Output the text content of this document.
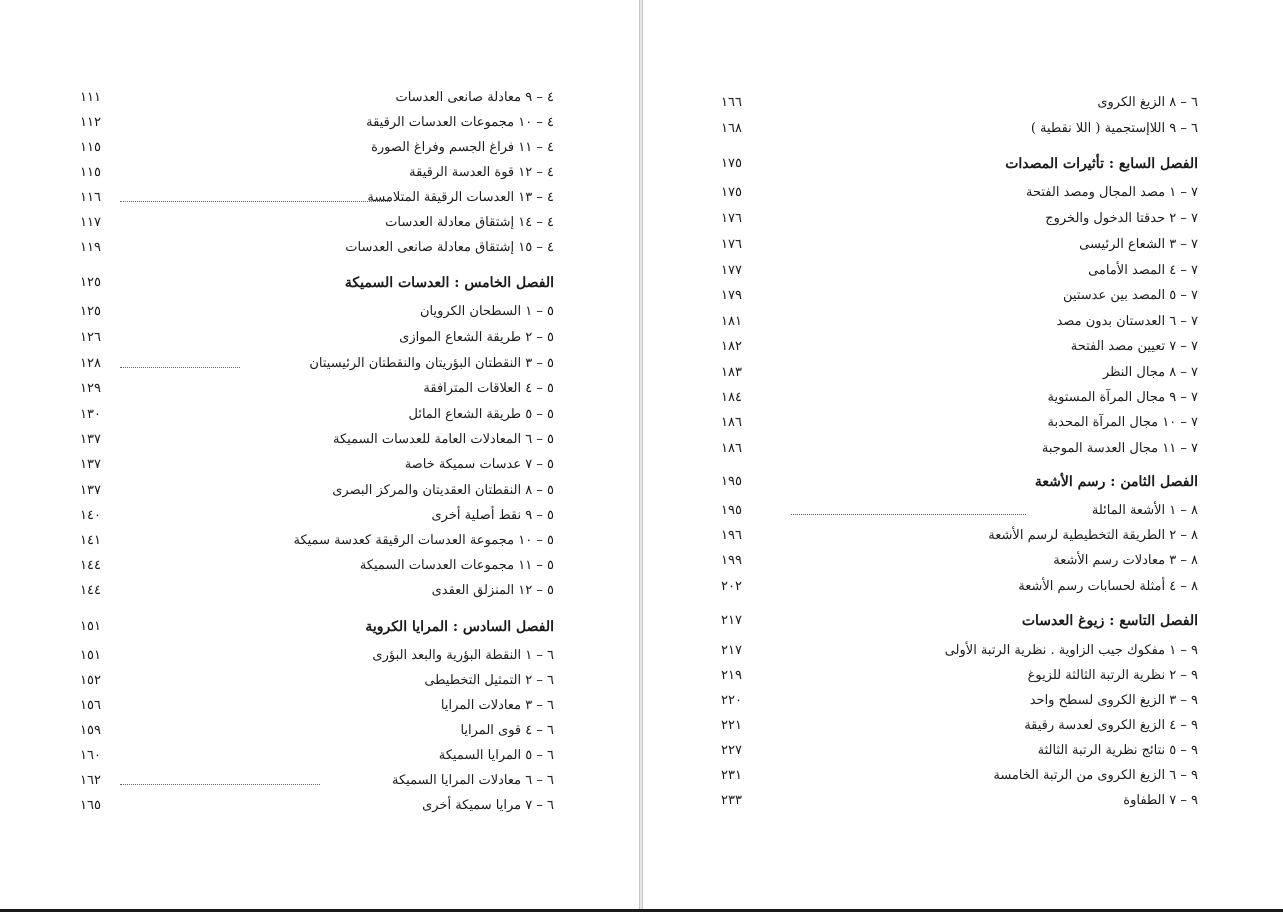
٤ – ٩ معادلة صانعى العدسات
١١١
٤ – ١٠ مجموعات العدسات الرقيقة
١١٢
٤ – ١١ فراغ الجسم وفراغ الصورة
١١٥
٤ – ١٢ قوة العدسة الرقيقة
١١٥
٤ – ١٣ العدسات الرقيقة المتلامسة
١١٦
٤ – ١٤ إشتقاق معادلة العدسات
١١٧
٤ – ١٥ إشتقاق معادلة صانعى العدسات
١١٩
الفصل الخامس : العدسات السميكة
١٢٥
٥ – ١ السطحان الكرويان
١٢٥
٥ – ٢ طريقة الشعاع الموازى
١٢٦
٥ – ٣ النقطتان البؤريتان والنقطتان الرئيسيتان
١٢٨
٥ – ٤ العلاقات المترافقة
١٢٩
٥ – ٥ طريقة الشعاع المائل
١٣٠
٥ – ٦ المعادلات العامة للعدسات السميكة
١٣٧
٥ – ٧ عدسات سميكة خاصة
١٣٧
٥ – ٨ النقطتان العقديتان والمركز البصرى
١٣٧
٥ – ٩ نقط أصلية أخرى
١٤٠
٥ – ١٠ مجموعة العدسات الرقيقة كعدسة سميكة
١٤١
٥ – ١١ مجموعات العدسات السميكة
١٤٤
٥ – ١٢ المنزلق العقدى
١٤٤
الفصل السادس : المرايا الكروية
١٥١
٦ – ١ النقطة البؤرية والبعد البؤرى
١٥١
٦ – ٢ التمثيل التخطيطى
١٥٢
٦ – ٣ معادلات المرايا
١٥٦
٦ – ٤ قوى المرايا
١٥٩
٦ – ٥ المرايا السميكة
١٦٠
٦ – ٦ معادلات المرايا السميكة
١٦٢
٦ – ٧ مرايا سميكة أخرى
١٦٥
٦ – ٨ الزيغ الكروى
١٦٦
٦ – ٩ اللاإستجمية ( اللا نقطية )
١٦٨
الفصل السابع : تأثيرات المصدات
١٧٥
٧ – ١ مصد المجال ومصد الفتحة
١٧٥
٧ – ٢ حدقتا الدخول والخروج
١٧٦
٧ – ٣ الشعاع الرئيسى
١٧٦
٧ – ٤ المصد الأمامى
١٧٧
٧ – ٥ المصد بين عدستين
١٧٩
٧ – ٦ العدستان بدون مصد
١٨١
٧ – ٧ تعيين مصد الفتحة
١٨٢
٧ – ٨ مجال النظر
١٨٣
٧ – ٩ مجال المرآة المستوية
١٨٤
٧ – ١٠ مجال المرآة المحدبة
١٨٦
٧ – ١١ مجال العدسة الموجبة
١٨٦
الفصل الثامن : رسم الأشعة
١٩٥
٨ – ١ الأشعة المائلة
١٩٥
٨ – ٢ الطريقة التخطيطية لرسم الأشعة
١٩٦
٨ – ٣ معادلات رسم الأشعة
١٩٩
٨ – ٤ أمثلة لحسابات رسم الأشعة
٢٠٢
الفصل التاسع : زيوغ العدسات
٢١٧
٩ – ١ مفكوك جيب الزاوية . نظرية الرتبة الأولى
٢١٧
٩ – ٢ نظرية الرتبة الثالثة للزيوغ
٢١٩
٩ – ٣ الزيغ الكروى لسطح واحد
٢٢٠
٩ – ٤ الزيغ الكروى لعدسة رقيقة
٢٢١
٩ – ٥ نتائج نظرية الرتبة الثالثة
٢٢٧
٩ – ٦ الزيغ الكروى من الرتبة الخامسة
٢٣١
٩ – ٧ الطفاوة
٢٣٣
